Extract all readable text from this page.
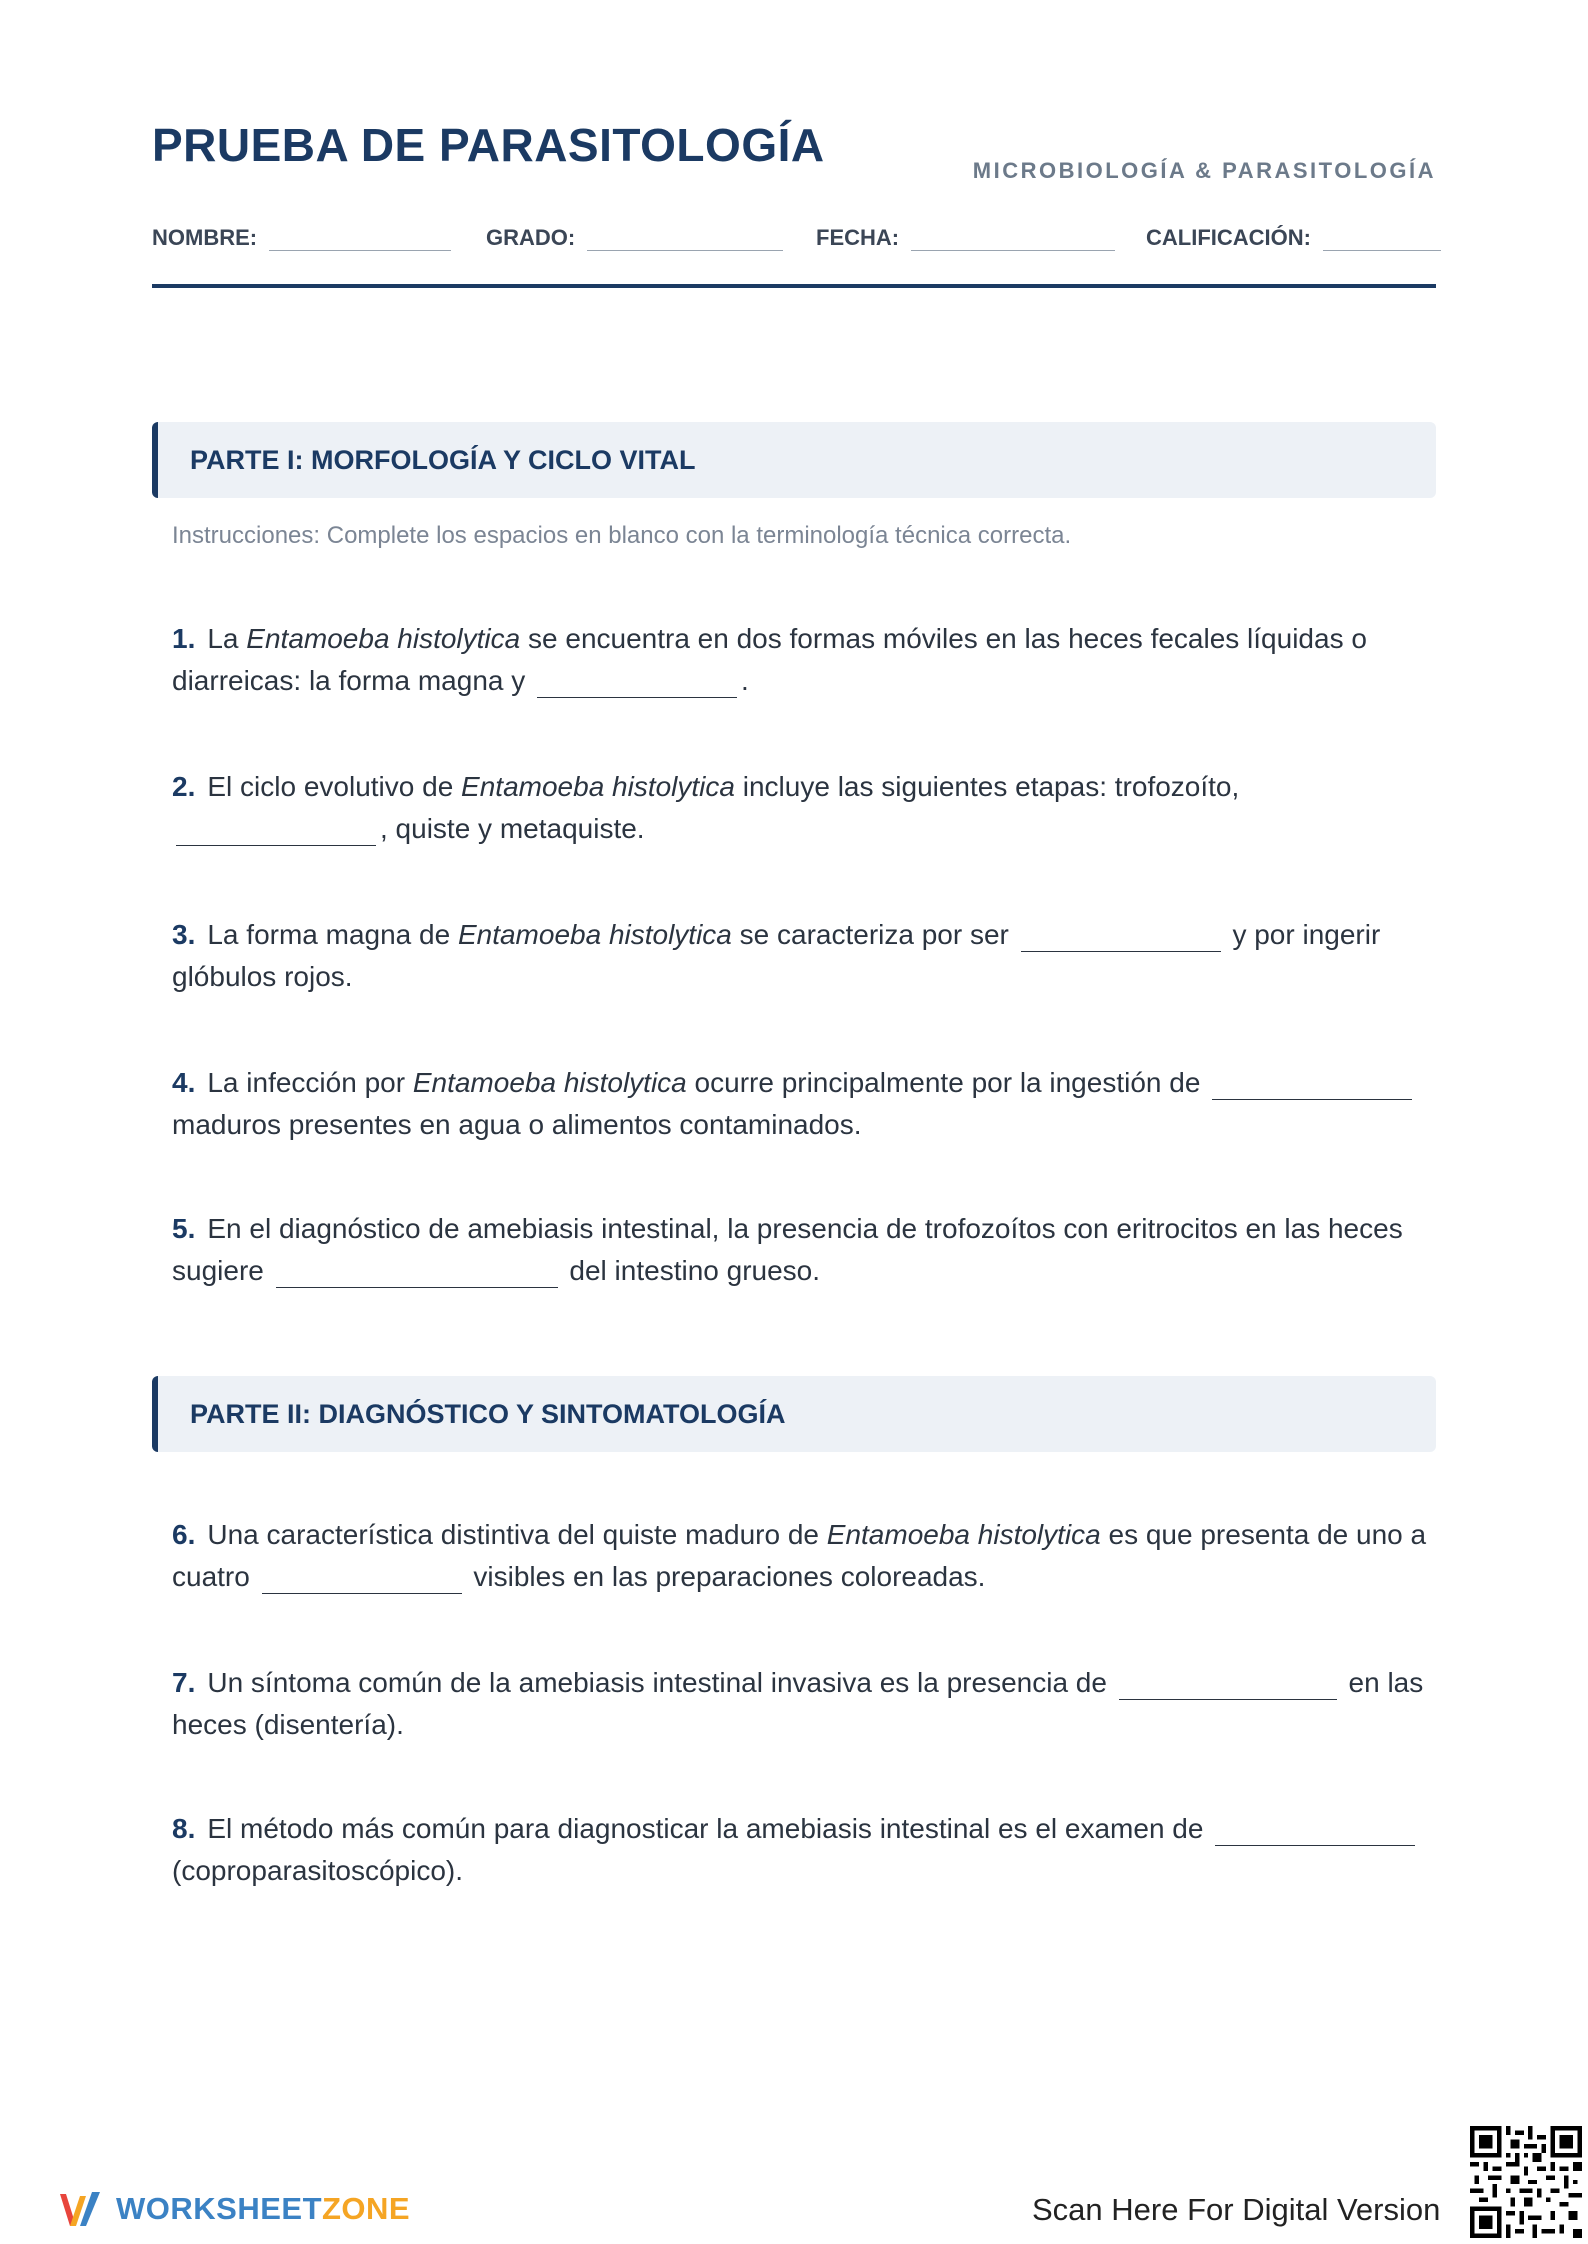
PRUEBA DE PARASITOLOGÍA	MICROBIOLOGÍA & PARASITOLOGÍA
NOMBRE:	GRADO:	FECHA:	CALIFICACIÓN:
PARTE I: MORFOLOGÍA Y CICLO VITAL
Instrucciones: Complete los espacios en blanco con la terminología técnica correcta.
1. La Entamoeba histolytica se encuentra en dos formas móviles en las heces fecales líquidas o diarreicas: la forma magna y	.
2. El ciclo evolutivo de Entamoeba histolytica incluye las siguientes etapas: trofozoíto, , quiste y metaquiste.
3. La forma magna de Entamoeba histolytica se caracteriza por ser	y por ingerir glóbulos rojos.
4. La infección por Entamoeba histolytica ocurre principalmente por la ingestión de  maduros presentes en agua o alimentos contaminados.
5. En el diagnóstico de amebiasis intestinal, la presencia de trofozoítos con eritrocitos en las heces sugiere	del intestino grueso.
PARTE II: DIAGNÓSTICO Y SINTOMATOLOGÍA
6. Una característica distintiva del quiste maduro de Entamoeba histolytica es que presenta de uno a cuatro	visibles en las preparaciones coloreadas.
7. Un síntoma común de la amebiasis intestinal invasiva es la presencia de	en las heces (disentería).
8. El método más común para diagnosticar la amebiasis intestinal es el examen de  (coproparasitoscópico).
WORKSHEETZONE	Scan Here For Digital Version
